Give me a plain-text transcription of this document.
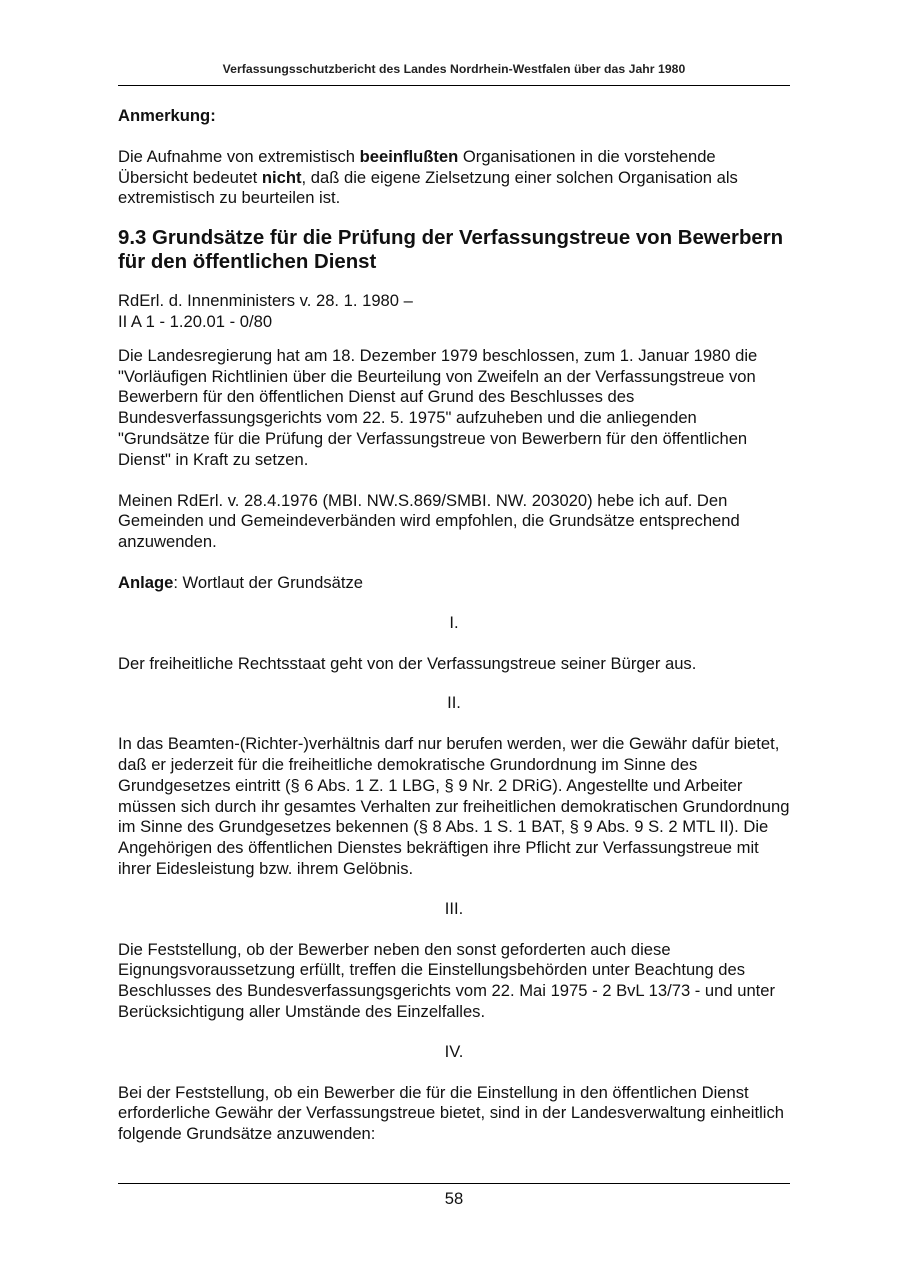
Verfassungsschutzbericht des Landes Nordrhein-Westfalen über das Jahr 1980

Anmerkung:

Die Aufnahme von extremistisch beeinflußten Organisationen in die vorstehende Übersicht bedeutet nicht, daß die eigene Zielsetzung einer solchen Organisation als extremistisch zu beurteilen ist.

9.3 Grundsätze für die Prüfung der Verfassungstreue von Bewerbern für den öffentlichen Dienst

RdErl. d. Innenministers v. 28. 1. 1980 –
II A 1 - 1.20.01 - 0/80

Die Landesregierung hat am 18. Dezember 1979 beschlossen, zum 1. Januar 1980 die "Vorläufigen Richtlinien über die Beurteilung von Zweifeln an der Verfassungstreue von Bewerbern für den öffentlichen Dienst auf Grund des Beschlusses des Bundesverfassungsgerichts vom 22. 5. 1975" aufzuheben und die anliegenden "Grundsätze für die Prüfung der Verfassungstreue von Bewerbern für den öffentlichen Dienst" in Kraft zu setzen.

Meinen RdErl. v. 28.4.1976 (MBI. NW.S.869/SMBI. NW. 203020) hebe ich auf. Den Gemeinden und Gemeindeverbänden wird empfohlen, die Grundsätze entsprechend anzuwenden.

Anlage: Wortlaut der Grundsätze

I.

Der freiheitliche Rechtsstaat geht von der Verfassungstreue seiner Bürger aus.

II.

In das Beamten-(Richter-)verhältnis darf nur berufen werden, wer die Gewähr dafür bietet, daß er jederzeit für die freiheitliche demokratische Grundordnung im Sinne des Grundgesetzes eintritt (§ 6 Abs. 1 Z. 1 LBG, § 9 Nr. 2 DRiG). Angestellte und Arbeiter müssen sich durch ihr gesamtes Verhalten zur freiheitlichen demokratischen Grundordnung im Sinne des Grundgesetzes bekennen (§ 8 Abs. 1 S. 1 BAT, § 9 Abs. 9 S. 2 MTL II). Die Angehörigen des öffentlichen Dienstes bekräftigen ihre Pflicht zur Verfassungstreue mit ihrer Eidesleistung bzw. ihrem Gelöbnis.

III.

Die Feststellung, ob der Bewerber neben den sonst geforderten auch diese Eignungsvoraussetzung erfüllt, treffen die Einstellungsbehörden unter Beachtung des Beschlusses des Bundesverfassungsgerichts vom 22. Mai 1975 - 2 BvL 13/73 - und unter Berücksichtigung aller Umstände des Einzelfalles.

IV.

Bei der Feststellung, ob ein Bewerber die für die Einstellung in den öffentlichen Dienst erforderliche Gewähr der Verfassungstreue bietet, sind in der Landesverwaltung einheitlich folgende Grundsätze anzuwenden:

58
